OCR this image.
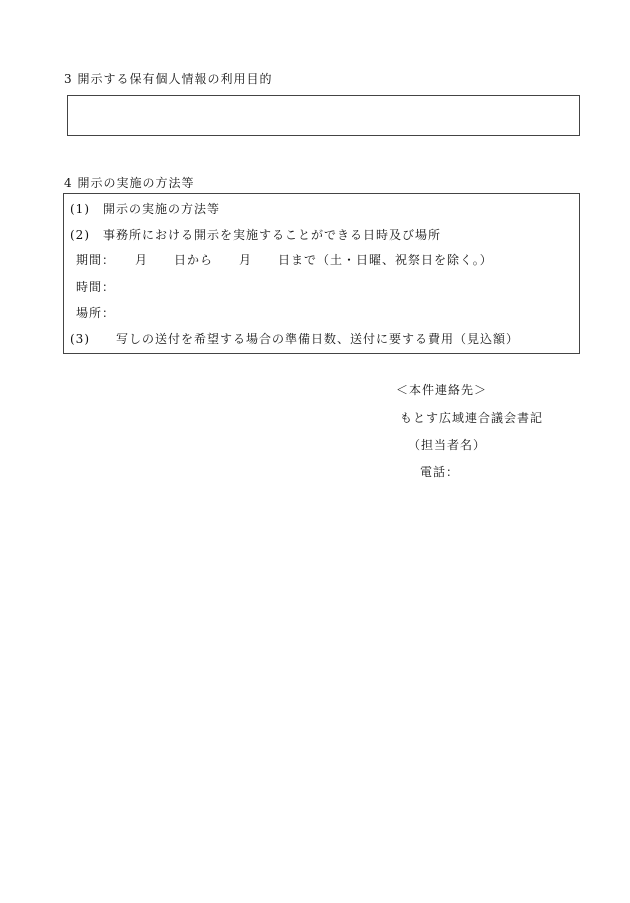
3 開示する保有個人情報の利用目的
4 開示の実施の方法等
(1)　開示の実施の方法等
(2)　事務所における開示を実施することができる日時及び場所
期間：　　月　　日から　　月　　日まで（土・日曜、祝祭日を除く。）
時間：
場所：
(3)　　写しの送付を希望する場合の準備日数、送付に要する費用（見込額）
＜本件連絡先＞
もとす広域連合議会書記
（担当者名）
電話：
